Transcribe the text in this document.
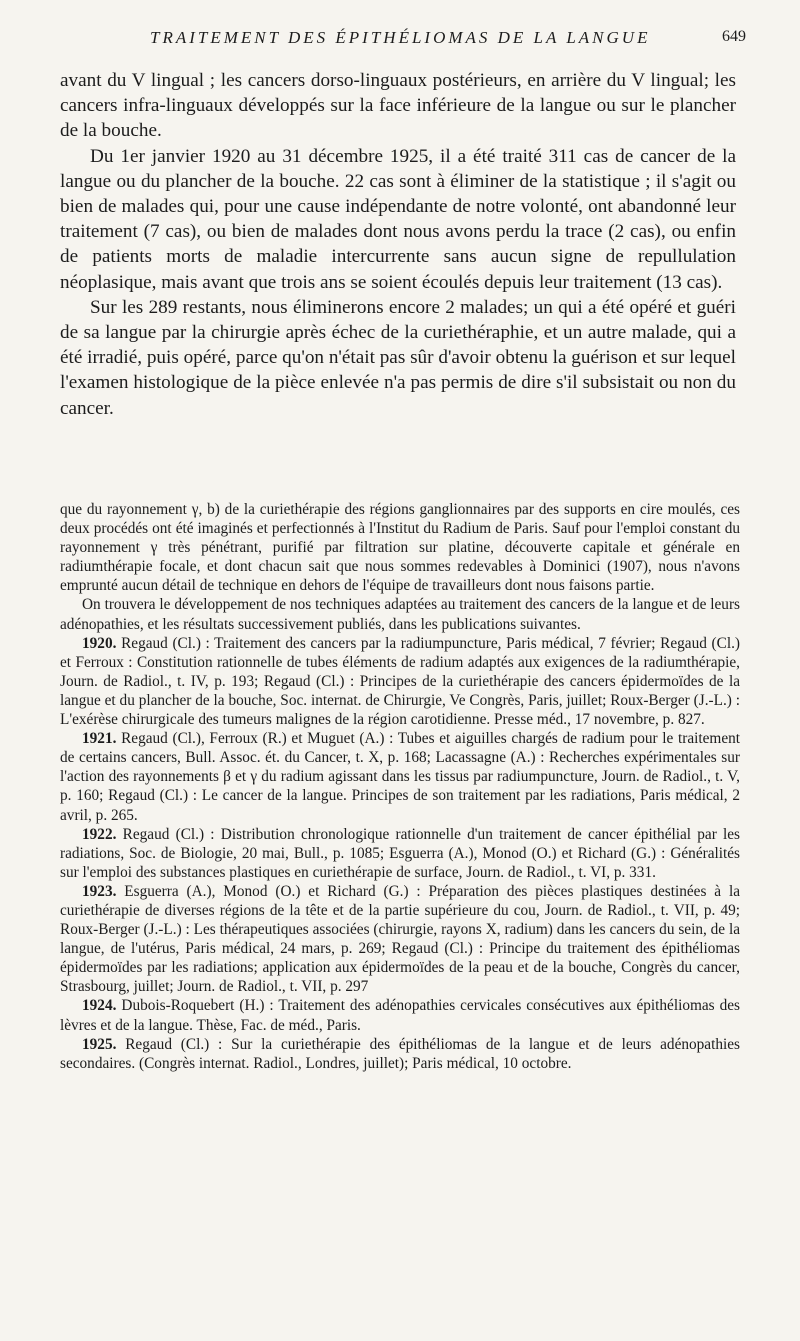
TRAITEMENT DES ÉPITHÉLIOMAS DE LA LANGUE	649

avant du V lingual ; les cancers dorso-linguaux postérieurs, en arrière du V lingual; les cancers infra-linguaux développés sur la face inférieure de la langue ou sur le plancher de la bouche.

Du 1er janvier 1920 au 31 décembre 1925, il a été traité 311 cas de cancer de la langue ou du plancher de la bouche. 22 cas sont à éliminer de la statistique ; il s'agit ou bien de malades qui, pour une cause indépendante de notre volonté, ont abandonné leur traitement (7 cas), ou bien de malades dont nous avons perdu la trace (2 cas), ou enfin de patients morts de maladie intercurrente sans aucun signe de repullulation néoplasique, mais avant que trois ans se soient écoulés depuis leur traitement (13 cas).

Sur les 289 restants, nous éliminerons encore 2 malades; un qui a été opéré et guéri de sa langue par la chirurgie après échec de la curiethéraphie, et un autre malade, qui a été irradié, puis opéré, parce qu'on n'était pas sûr d'avoir obtenu la guérison et sur lequel l'examen histologique de la pièce enlevée n'a pas permis de dire s'il subsistait ou non du cancer.

que du rayonnement γ, b) de la curiethérapie des régions ganglionnaires par des supports en cire moulés, ces deux procédés ont été imaginés et perfectionnés à l'Institut du Radium de Paris. Sauf pour l'emploi constant du rayonnement γ très pénétrant, purifié par filtration sur platine, découverte capitale et générale en radiumthérapie focale, et dont chacun sait que nous sommes redevables à Dominici (1907), nous n'avons emprunté aucun détail de technique en dehors de l'équipe de travailleurs dont nous faisons partie.

On trouvera le développement de nos techniques adaptées au traitement des cancers de la langue et de leurs adénopathies, et les résultats successivement publiés, dans les publications suivantes.

1920. Regaud (Cl.) : Traitement des cancers par la radiumpuncture, Paris médical, 7 février; Regaud (Cl.) et Ferroux : Constitution rationnelle de tubes éléments de radium adaptés aux exigences de la radiumthérapie, Journ. de Radiol., t. IV, p. 193; Regaud (Cl.) : Principes de la curiethérapie des cancers épidermoïdes de la langue et du plancher de la bouche, Soc. internat. de Chirurgie, Ve Congrès, Paris, juillet; Roux-Berger (J.-L.) : L'exérèse chirurgicale des tumeurs malignes de la région carotidienne. Presse méd., 17 novembre, p. 827.

1921. Regaud (Cl.), Ferroux (R.) et Muguet (A.) : Tubes et aiguilles chargés de radium pour le traitement de certains cancers, Bull. Assoc. ét. du Cancer, t. X, p. 168; Lacassagne (A.) : Recherches expérimentales sur l'action des rayonnements β et γ du radium agissant dans les tissus par radiumpuncture, Journ. de Radiol., t. V, p. 160; Regaud (Cl.) : Le cancer de la langue. Principes de son traitement par les radiations, Paris médical, 2 avril, p. 265.

1922. Regaud (Cl.) : Distribution chronologique rationnelle d'un traitement de cancer épithélial par les radiations, Soc. de Biologie, 20 mai, Bull., p. 1085; Esguerra (A.), Monod (O.) et Richard (G.) : Généralités sur l'emploi des substances plastiques en curiethérapie de surface, Journ. de Radiol., t. VI, p. 331.

1923. Esguerra (A.), Monod (O.) et Richard (G.) : Préparation des pièces plastiques destinées à la curiethérapie de diverses régions de la tête et de la partie supérieure du cou, Journ. de Radiol., t. VII, p. 49; Roux-Berger (J.-L.) : Les thérapeutiques associées (chirurgie, rayons X, radium) dans les cancers du sein, de la langue, de l'utérus, Paris médical, 24 mars, p. 269; Regaud (Cl.) : Principe du traitement des épithéliomas épidermoïdes par les radiations; application aux épidermoïdes de la peau et de la bouche, Congrès du cancer, Strasbourg, juillet; Journ. de Radiol., t. VII, p. 297

1924. Dubois-Roquebert (H.) : Traitement des adénopathies cervicales consécutives aux épithéliomas des lèvres et de la langue. Thèse, Fac. de méd., Paris.

1925. Regaud (Cl.) : Sur la curiethérapie des épithéliomas de la langue et de leurs adénopathies secondaires. (Congrès internat. Radiol., Londres, juillet); Paris médical, 10 octobre.
